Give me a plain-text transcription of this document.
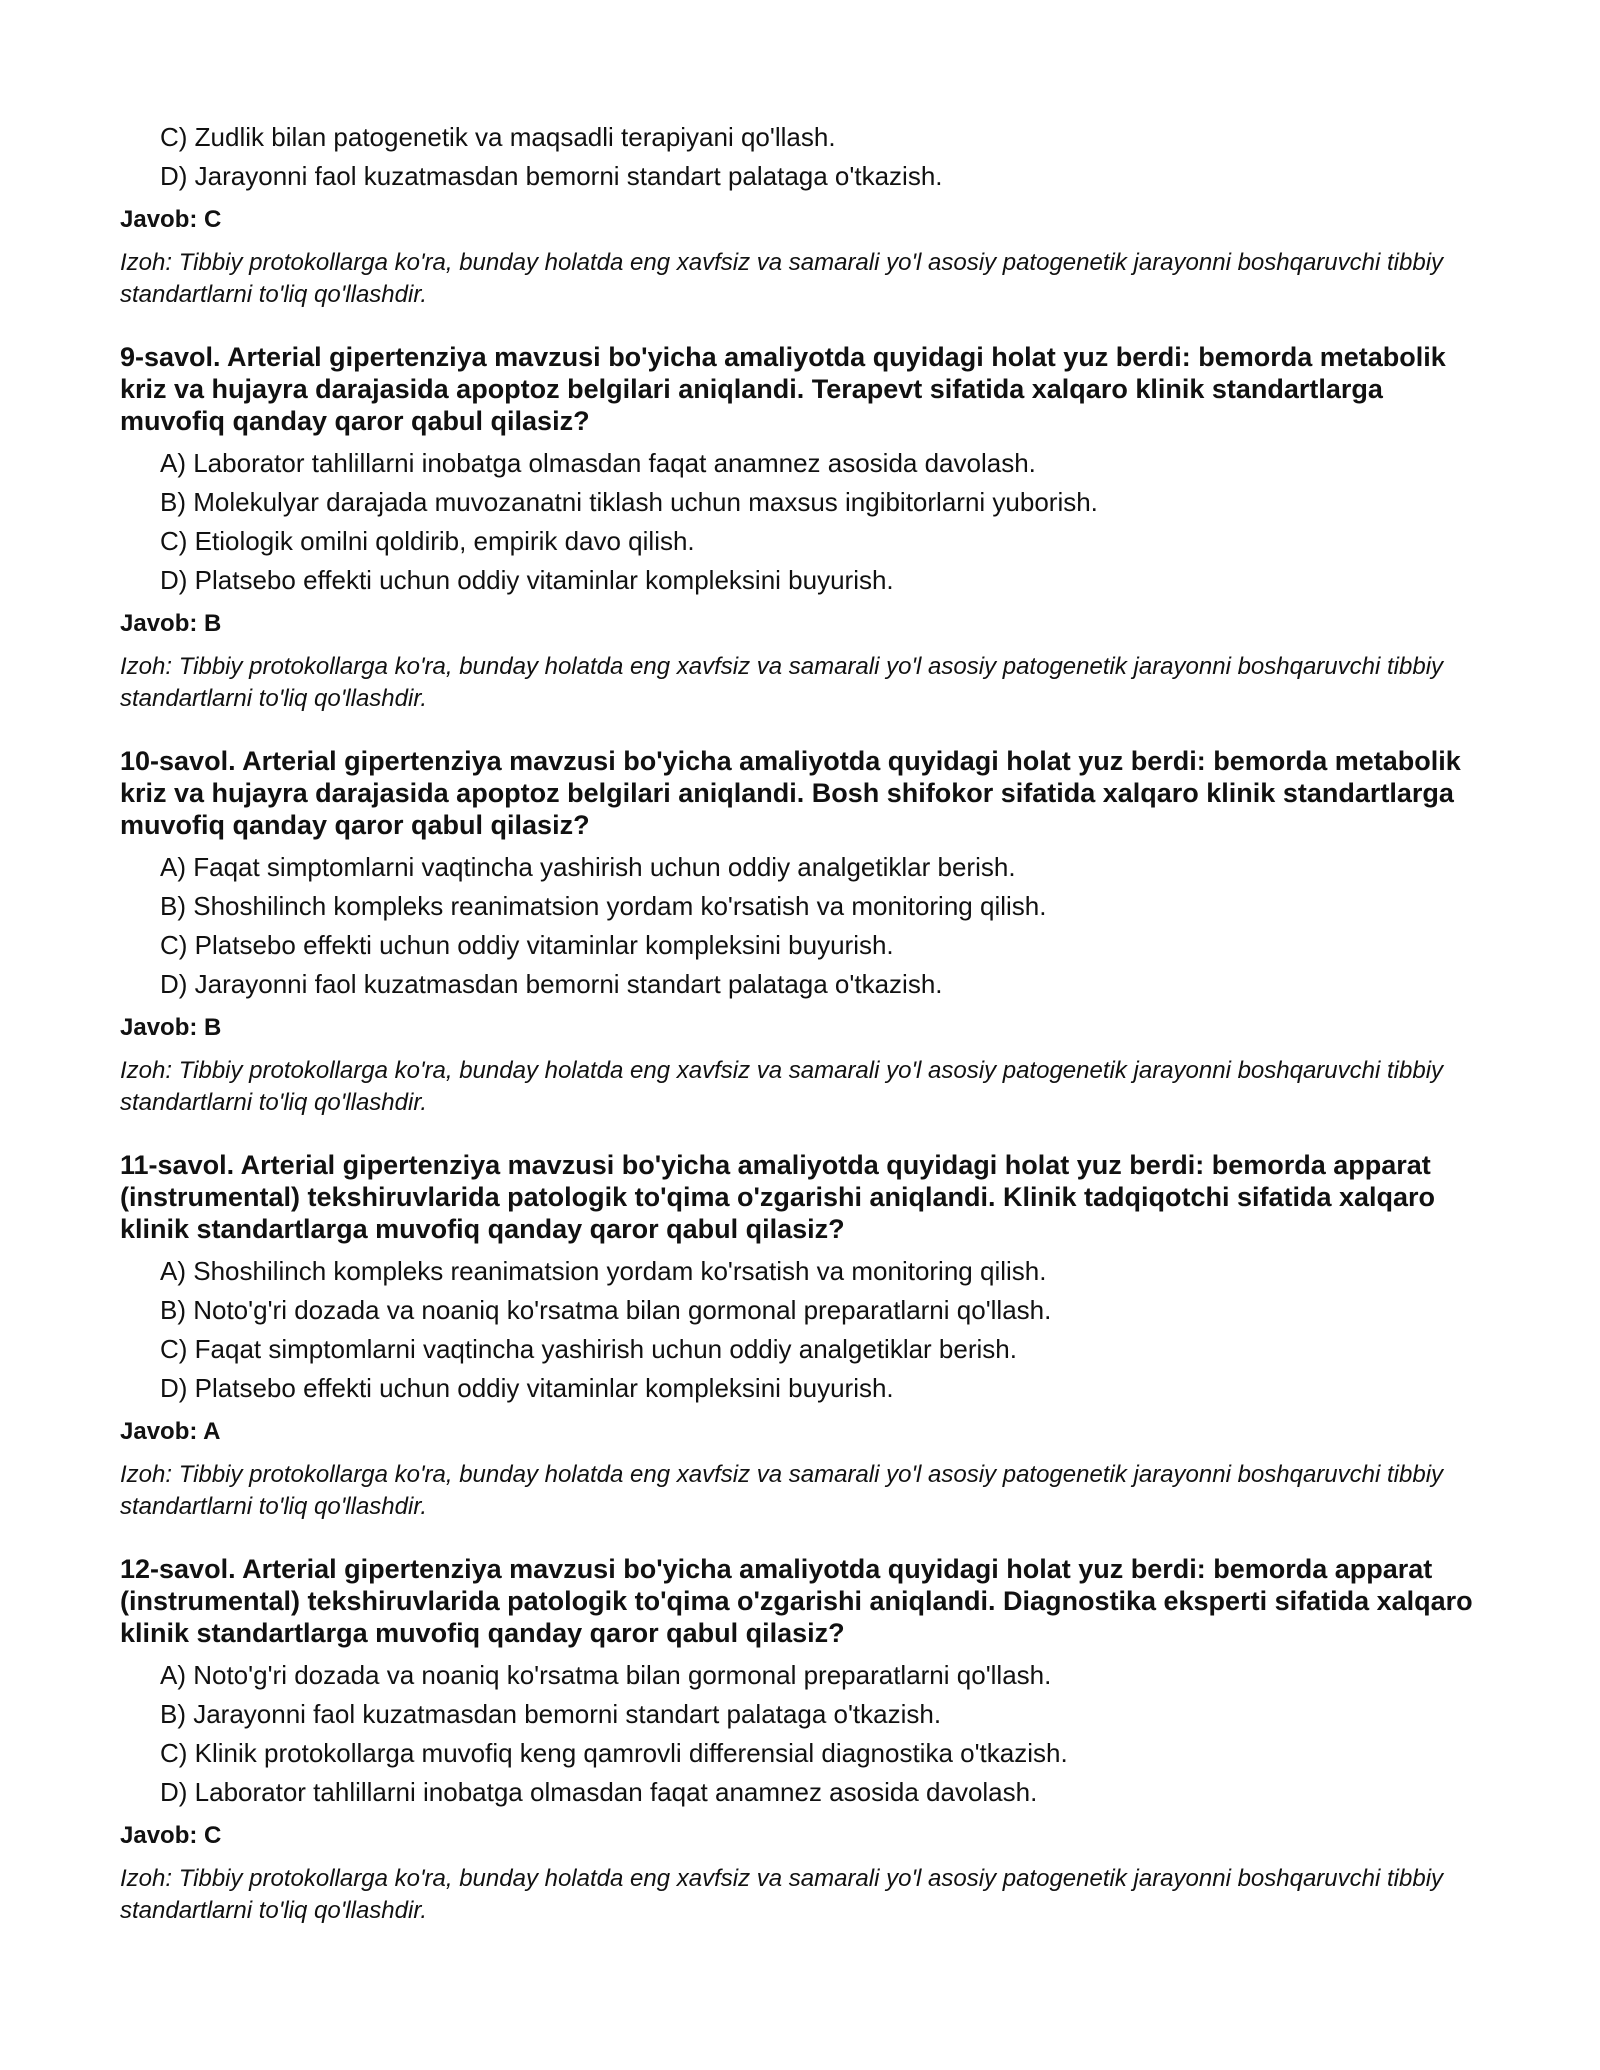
C) Zudlik bilan patogenetik va maqsadli terapiyani qo'llash.
D) Jarayonni faol kuzatmasdan bemorni standart palataga o'tkazish.
Javob: C
Izoh: Tibbiy protokollarga ko'ra, bunday holatda eng xavfsiz va samarali yo'l asosiy patogenetik jarayonni boshqaruvchi tibbiy standartlarni to'liq qo'llashdir.
9-savol. Arterial gipertenziya mavzusi bo'yicha amaliyotda quyidagi holat yuz berdi: bemorda metabolik kriz va hujayra darajasida apoptoz belgilari aniqlandi. Terapevt sifatida xalqaro klinik standartlarga muvofiq qanday qaror qabul qilasiz?
A) Laborator tahlillarni inobatga olmasdan faqat anamnez asosida davolash.
B) Molekulyar darajada muvozanatni tiklash uchun maxsus ingibitorlarni yuborish.
C) Etiologik omilni qoldirib, empirik davo qilish.
D) Platsebo effekti uchun oddiy vitaminlar kompleksini buyurish.
Javob: B
Izoh: Tibbiy protokollarga ko'ra, bunday holatda eng xavfsiz va samarali yo'l asosiy patogenetik jarayonni boshqaruvchi tibbiy standartlarni to'liq qo'llashdir.
10-savol. Arterial gipertenziya mavzusi bo'yicha amaliyotda quyidagi holat yuz berdi: bemorda metabolik kriz va hujayra darajasida apoptoz belgilari aniqlandi. Bosh shifokor sifatida xalqaro klinik standartlarga muvofiq qanday qaror qabul qilasiz?
A) Faqat simptomlarni vaqtincha yashirish uchun oddiy analgetiklar berish.
B) Shoshilinch kompleks reanimatsion yordam ko'rsatish va monitoring qilish.
C) Platsebo effekti uchun oddiy vitaminlar kompleksini buyurish.
D) Jarayonni faol kuzatmasdan bemorni standart palataga o'tkazish.
Javob: B
Izoh: Tibbiy protokollarga ko'ra, bunday holatda eng xavfsiz va samarali yo'l asosiy patogenetik jarayonni boshqaruvchi tibbiy standartlarni to'liq qo'llashdir.
11-savol. Arterial gipertenziya mavzusi bo'yicha amaliyotda quyidagi holat yuz berdi: bemorda apparat (instrumental) tekshiruvlarida patologik to'qima o'zgarishi aniqlandi. Klinik tadqiqotchi sifatida xalqaro klinik standartlarga muvofiq qanday qaror qabul qilasiz?
A) Shoshilinch kompleks reanimatsion yordam ko'rsatish va monitoring qilish.
B) Noto'g'ri dozada va noaniq ko'rsatma bilan gormonal preparatlarni qo'llash.
C) Faqat simptomlarni vaqtincha yashirish uchun oddiy analgetiklar berish.
D) Platsebo effekti uchun oddiy vitaminlar kompleksini buyurish.
Javob: A
Izoh: Tibbiy protokollarga ko'ra, bunday holatda eng xavfsiz va samarali yo'l asosiy patogenetik jarayonni boshqaruvchi tibbiy standartlarni to'liq qo'llashdir.
12-savol. Arterial gipertenziya mavzusi bo'yicha amaliyotda quyidagi holat yuz berdi: bemorda apparat (instrumental) tekshiruvlarida patologik to'qima o'zgarishi aniqlandi. Diagnostika eksperti sifatida xalqaro klinik standartlarga muvofiq qanday qaror qabul qilasiz?
A) Noto'g'ri dozada va noaniq ko'rsatma bilan gormonal preparatlarni qo'llash.
B) Jarayonni faol kuzatmasdan bemorni standart palataga o'tkazish.
C) Klinik protokollarga muvofiq keng qamrovli differensial diagnostika o'tkazish.
D) Laborator tahlillarni inobatga olmasdan faqat anamnez asosida davolash.
Javob: C
Izoh: Tibbiy protokollarga ko'ra, bunday holatda eng xavfsiz va samarali yo'l asosiy patogenetik jarayonni boshqaruvchi tibbiy standartlarni to'liq qo'llashdir.
